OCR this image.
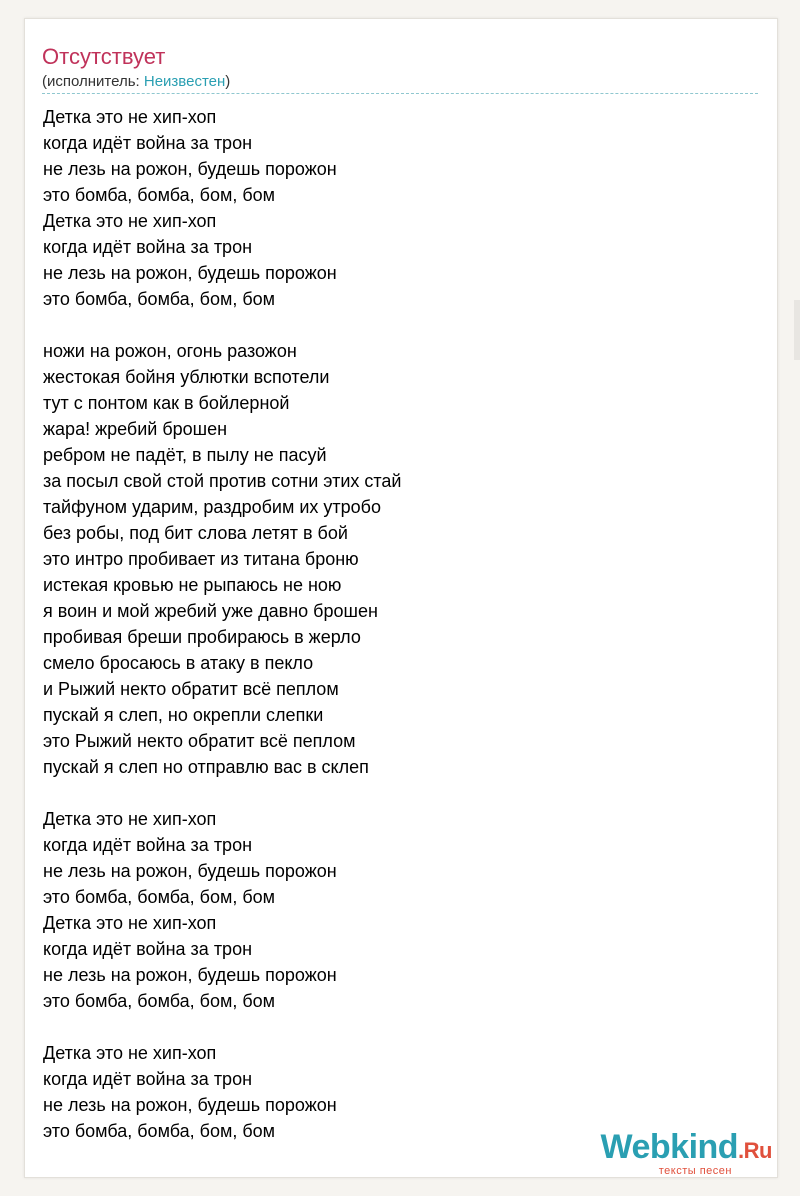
Отсутствует
(исполнитель: Неизвестен)
Детка это не хип-хоп
когда идёт война за трон
не лезь на рожон, будешь порожон
это бомба, бомба, бом, бом
Детка это не хип-хоп
когда идёт война за трон
не лезь на рожон, будешь порожон
это бомба, бомба, бом, бом
ножи на рожон, огонь разожон
жестокая бойня ублютки вспотели
тут с понтом как в бойлерной
жара! жребий брошен
ребром не падёт, в пылу не пасуй
за посыл свой стой против сотни этих стай
тайфуном ударим, раздробим их утробо
без робы, под бит слова летят в бой
это интро пробивает из титана броню
истекая кровью не рыпаюсь не ною
я воин и мой жребий уже давно брошен
пробивая бреши пробираюсь в жерло
смело бросаюсь в атаку в пекло
и Рыжий некто обратит всё пеплом
пускай я слеп, но окрепли слепки
это Рыжий некто обратит всё пеплом
пускай я слеп но отправлю вас в склеп
Детка это не хип-хоп
когда идёт война за трон
не лезь на рожон, будешь порожон
это бомба, бомба, бом, бом
Детка это не хип-хоп
когда идёт война за трон
не лезь на рожон, будешь порожон
это бомба, бомба, бом, бом
Детка это не хип-хоп
когда идёт война за трон
не лезь на рожон, будешь порожон
это бомба, бомба, бом, бом	Webkind.Ru
тексты песен
